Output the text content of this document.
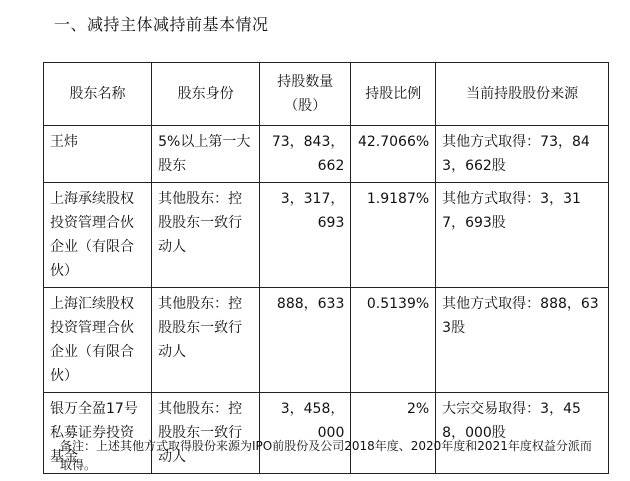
一、减持主体减持前基本情况
股东名称	股东身份	持股数量（股）	持股比例	当前持股股份来源
王炜	5%以上第一大股东	73，843，662	42.7066%	其他方式取得：73，843，662股
上海承续股权投资管理合伙企业（有限合伙）	其他股东：控股股东一致行动人	3，317，693	1.9187%	其他方式取得：3，317，693股
上海汇续股权投资管理合伙企业（有限合伙）	其他股东：控股股东一致行动人	888，633	0.5139%	其他方式取得：888，633股
银万全盈17号私募证券投资基金	其他股东：控股股东一致行动人	3，458，000	2%	大宗交易取得：3，458，000股
备注：上述其他方式取得股份来源为IPO前股份及公司2018年度、2020年度和2021年度权益分派而取得。
